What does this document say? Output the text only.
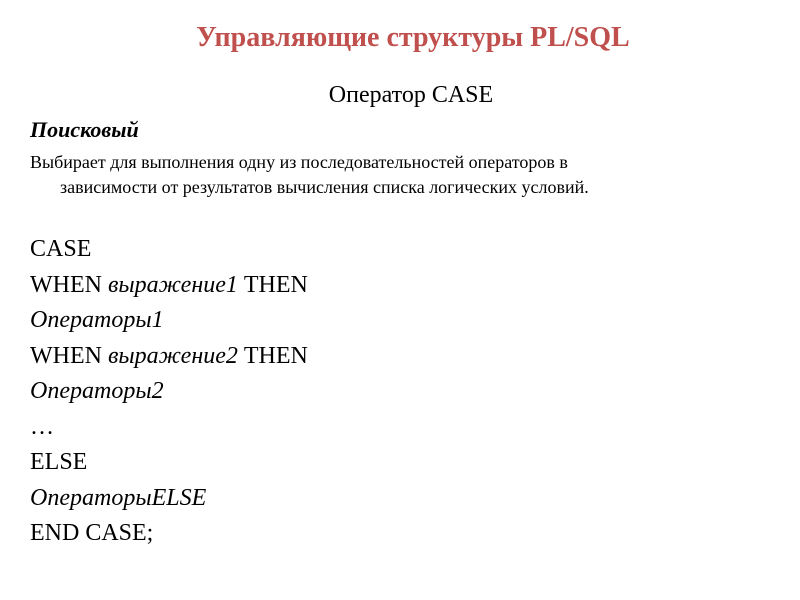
Управляющие структуры PL/SQL
Оператор CASE
Поисковый
Выбирает для выполнения одну из последовательностей операторов в
зависимости от результатов вычисления списка логических условий.
CASE
WHEN выражение1 THEN
Операторы1
WHEN выражение2 THEN
Операторы2
…
ELSE
ОператорыELSE
END CASE;
